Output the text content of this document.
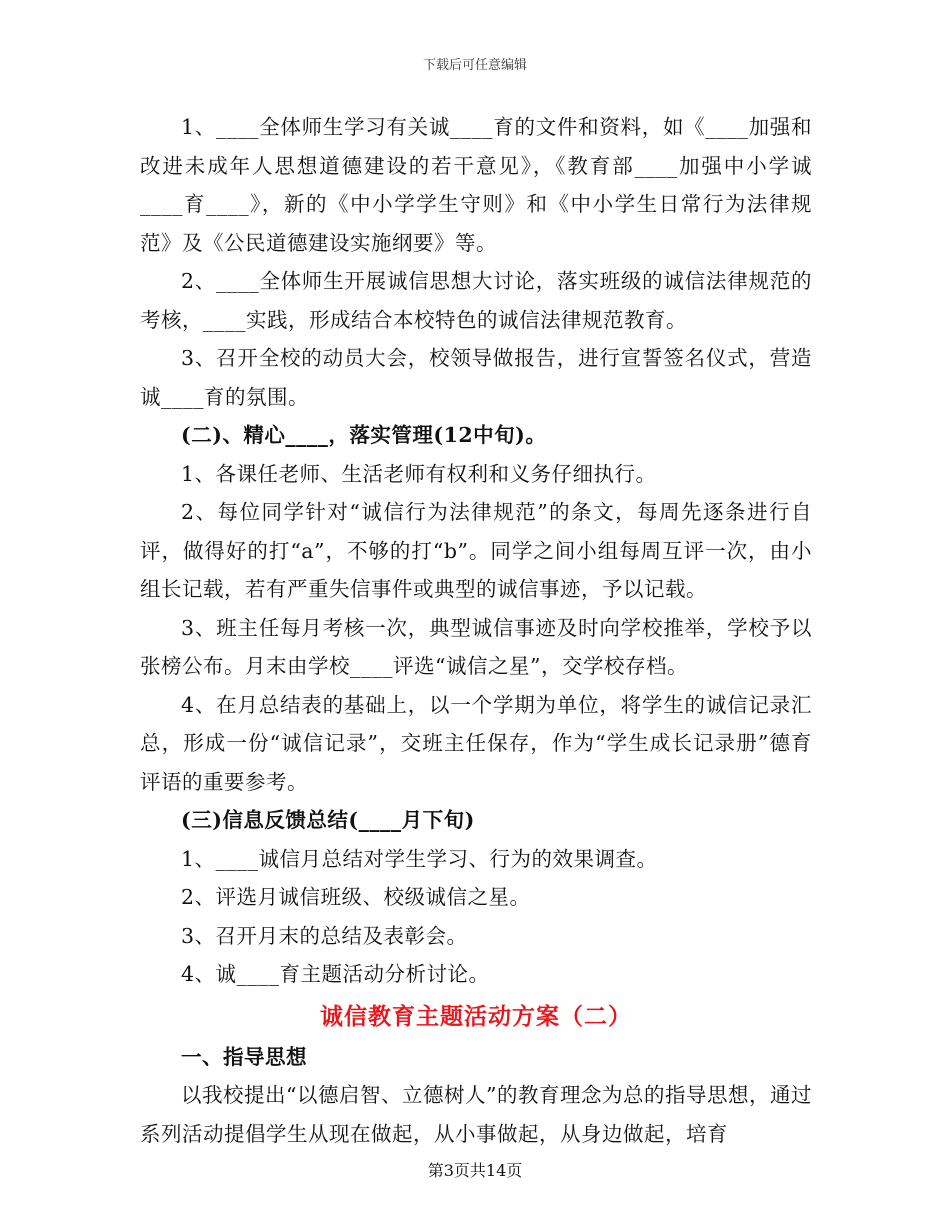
下载后可任意编辑

1、____全体师生学习有关诚____育的文件和资料，如《____加强和改进未成年人思想道德建设的若干意见》，《教育部____加强中小学诚____育____》，新的《中小学学生守则》和《中小学生日常行为法律规范》及《公民道德建设实施纲要》等。

2、____全体师生开展诚信思想大讨论，落实班级的诚信法律规范的考核，____实践，形成结合本校特色的诚信法律规范教育。

3、召开全校的动员大会，校领导做报告，进行宣誓签名仪式，营造诚____育的氛围。

(二)、精心____，落实管理(12中旬)。

1、各课任老师、生活老师有权利和义务仔细执行。

2、每位同学针对“诚信行为法律规范”的条文，每周先逐条进行自评，做得好的打“a”，不够的打“b”。同学之间小组每周互评一次，由小组长记载，若有严重失信事件或典型的诚信事迹，予以记载。

3、班主任每月考核一次，典型诚信事迹及时向学校推举，学校予以张榜公布。月末由学校____评选“诚信之星”，交学校存档。

4、在月总结表的基础上，以一个学期为单位，将学生的诚信记录汇总，形成一份“诚信记录”，交班主任保存，作为“学生成长记录册”德育评语的重要参考。

(三)信息反馈总结(____月下旬)

1、____诚信月总结对学生学习、行为的效果调查。

2、评选月诚信班级、校级诚信之星。

3、召开月末的总结及表彰会。

4、诚____育主题活动分析讨论。

诚信教育主题活动方案（二）

一、指导思想

以我校提出“以德启智、立德树人”的教育理念为总的指导思想，通过系列活动提倡学生从现在做起，从小事做起，从身边做起，培育

第3页共14页
